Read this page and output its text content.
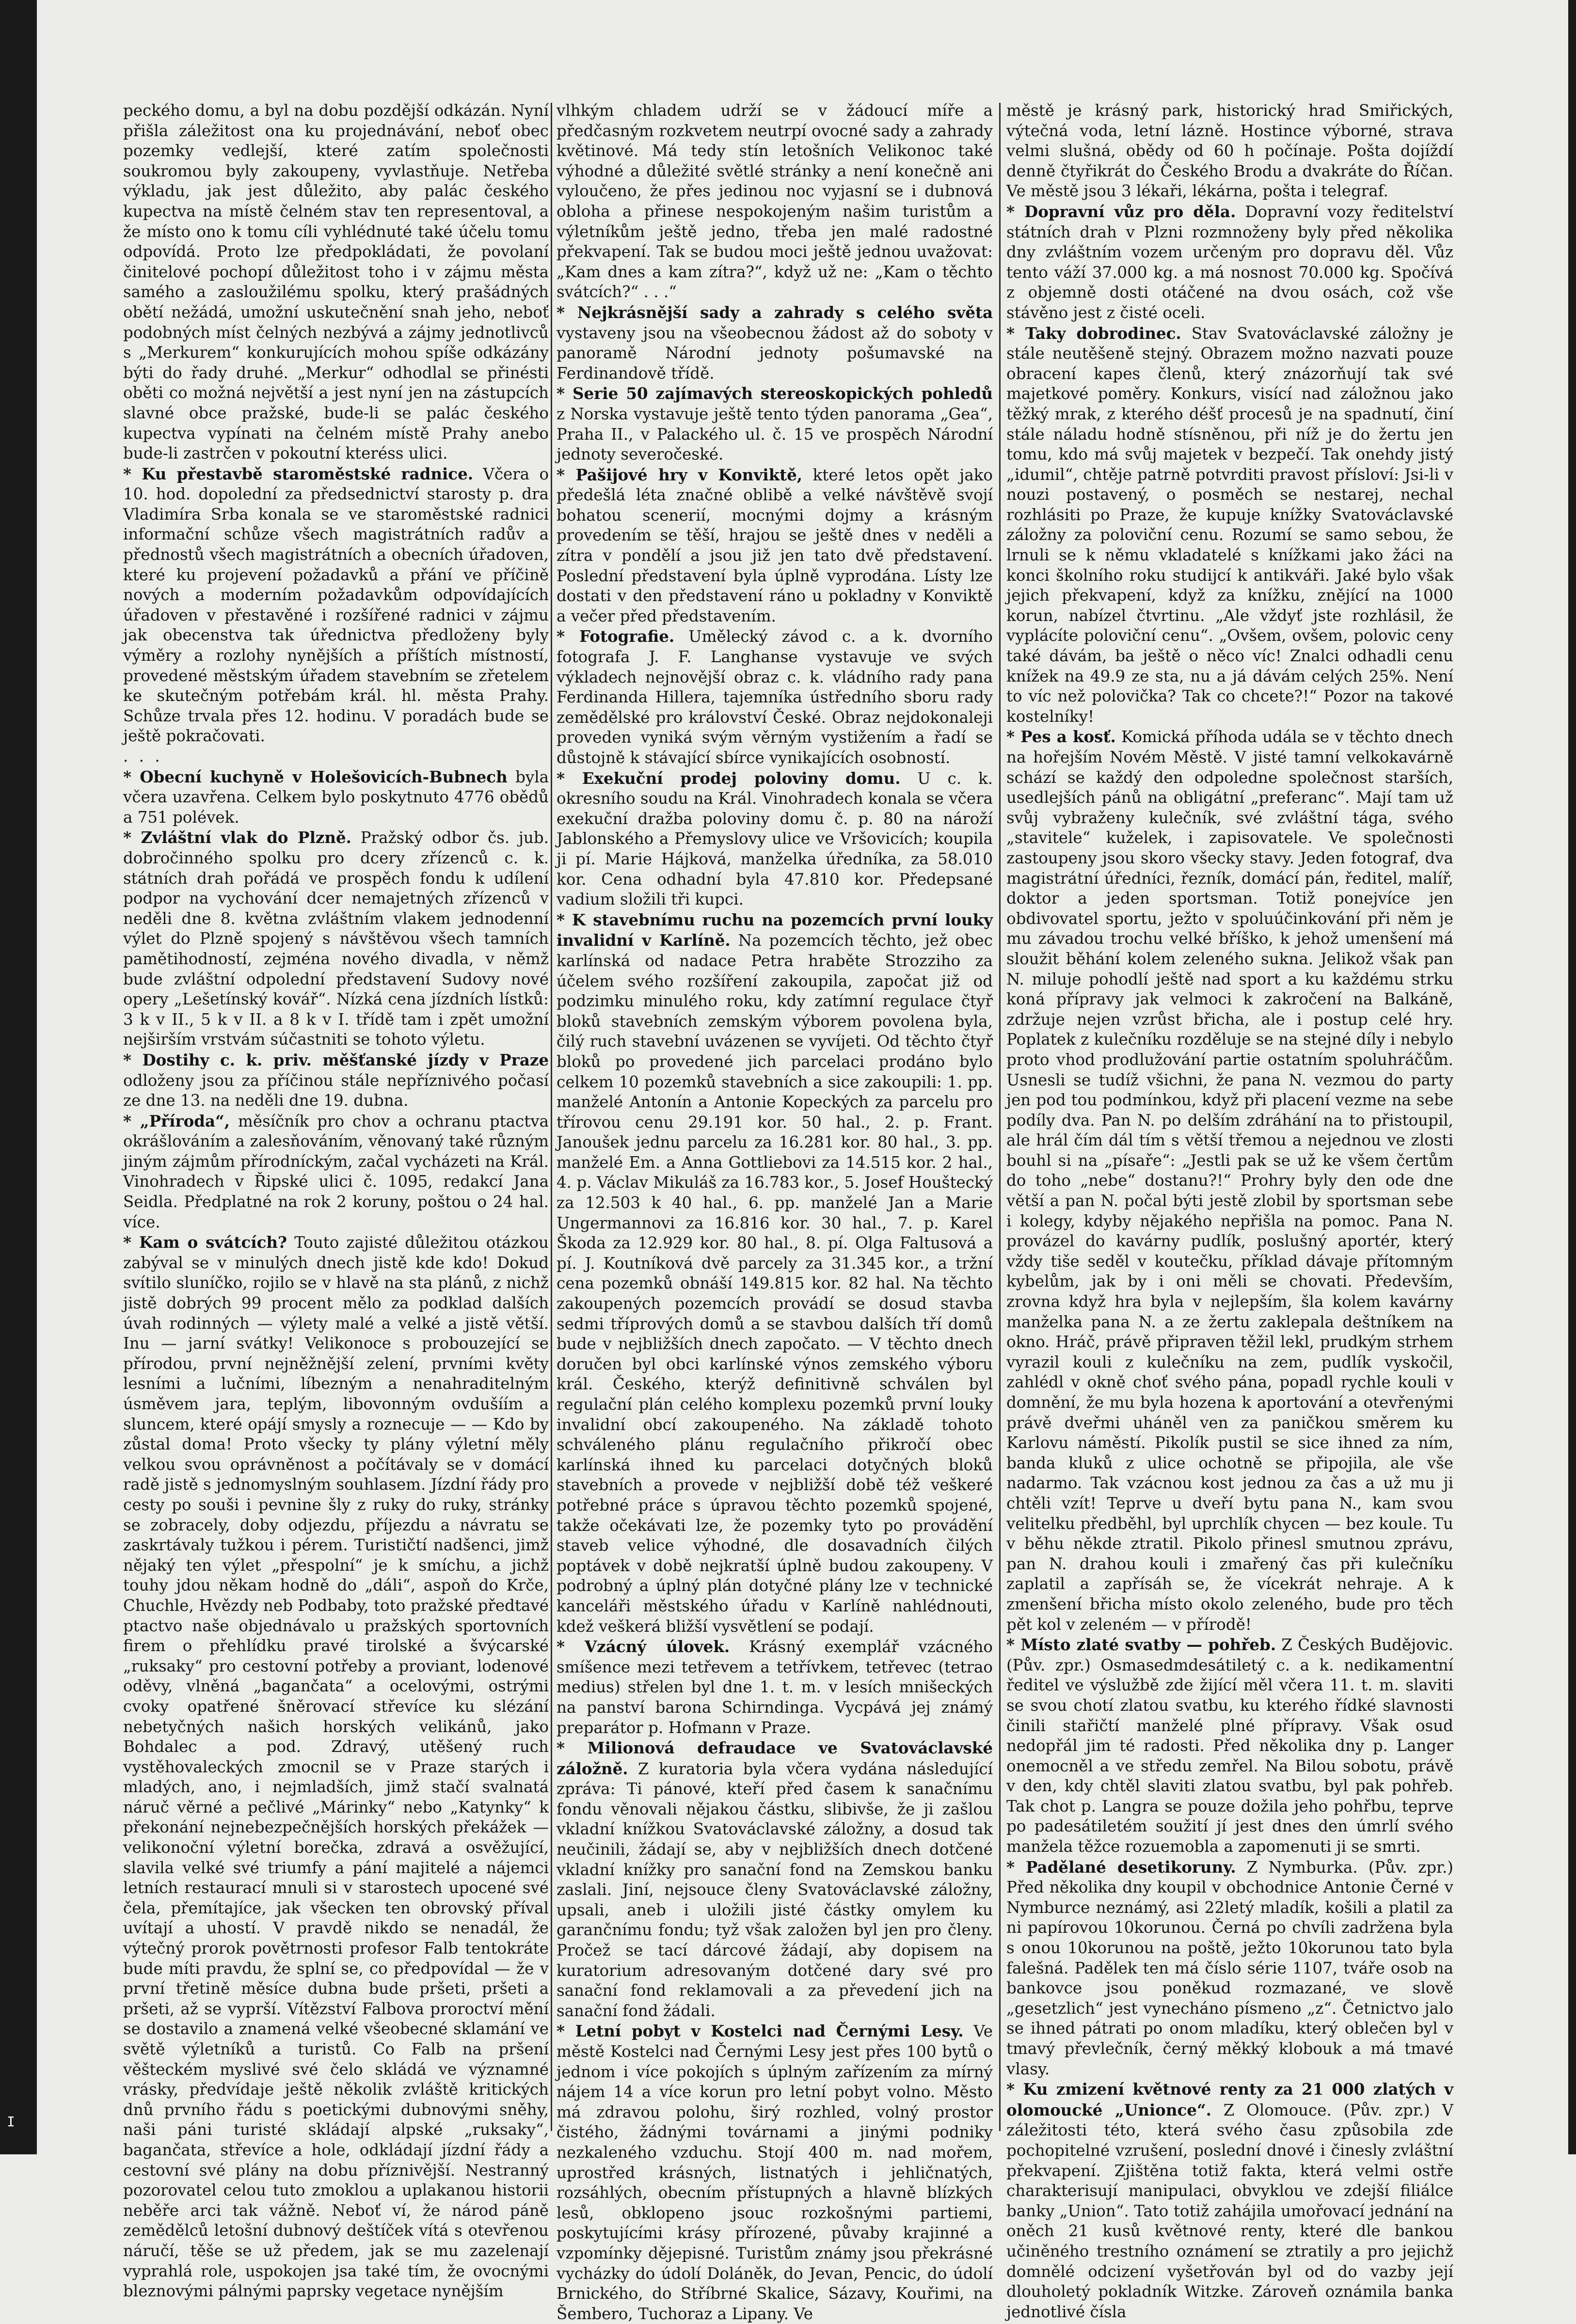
I

peckého domu, a byl na dobu pozdější odkázán. Nyní přišla záležitost ona ku projednávání, neboť obec pozemky vedlejší, které zatím společnosti soukromou byly zakoupeny, vyvlastňuje. Netřeba výkladu, jak jest důležito, aby palác českého kupectva na místě čelném stav ten representoval, a že místo ono k tomu cíli vyhlédnuté také účelu tomu odpovídá. Proto lze předpokládati, že povolaní činitelové pochopí důležitost toho i v zájmu města samého a zasloužilému spolku, který prašádných obětí nežádá, umožní uskutečnění snah jeho, neboť podobných míst čelných nezbývá a zájmy jednotlivců s „Merkurem“ konkurujících mohou spíše odkázány býti do řady druhé. „Merkur“ odhodlal se přinésti oběti co možná největší a jest nyní jen na zástupcích slavné obce pražské, bude-li se palác českého kupectva vypínati na čelném místě Prahy anebo bude-li zastrčen v pokoutní kteréss ulici.

* Ku přestavbě staroměstské radnice. Včera o 10. hod. dopolední za předsednictví starosty p. dra Vladimíra Srba konala se ve staroměstské radnici informační schůze všech magistrátních radův a přednostů všech magistrátních a obecních úřadoven, které ku projevení požadavků a přání ve příčině nových a moderním požadavkům odpovídajících úřadoven v přestavěné i rozšířené radnici v zájmu jak obecenstva tak úřednictva předloženy byly výměry a rozlohy nynějších a příštích místností, provedené městským úřadem stavebním se zřetelem ke skutečným potřebám král. hl. města Prahy. Schůze trvala přes 12. hodinu. V poradách bude se ještě pokračovati.

. . .

* Obecní kuchyně v Holešovicích-Bubnech byla včera uzavřena. Celkem bylo poskytnuto 4776 obědů a 751 polévek.

* Zvláštní vlak do Plzně. Pražský odbor čs. jub. dobročinného spolku pro dcery zřízenců c. k. státních drah pořádá ve prospěch fondu k udílení podpor na vychování dcer nemajetných zřízenců v neděli dne 8. května zvláštním vlakem jednodenní výlet do Plzně spojený s návštěvou všech tamních pamětihodností, zejména nového divadla, v němž bude zvláštní odpolední představení Sudovy nové opery „Lešetínský kovář“. Nízká cena jízdních lístků: 3 k v II., 5 k v II. a 8 k v I. třídě tam i zpět umožní nejširším vrstvám súčastniti se tohoto výletu.

* Dostihy c. k. priv. měšťanské jízdy v Praze odloženy jsou za příčinou stále nepříznivého počasí ze dne 13. na neděli dne 19. dubna.

* „Příroda“, měsíčník pro chov a ochranu ptactva okrášlováním a zalesňováním, věnovaný také různým jiným zájmům přírodníckým, začal vycházeti na Král. Vinohradech v Řipské ulici č. 1095, redakcí Jana Seidla. Předplatné na rok 2 koruny, poštou o 24 hal. více.

* Kam o svátcích? Touto zajisté důležitou otázkou zabýval se v minulých dnech jistě kde kdo! Dokud svítilo sluníčko, rojilo se v hlavě na sta plánů, z nichž jistě dobrých 99 procent mělo za podklad dalších úvah rodinných — výlety malé a velké a jistě větší. Inu — jarní svátky! Velikonoce s probouzející se přírodou, první nejněžnější zelení, prvními květy lesními a lučními, líbezným a nenahraditelným úsměvem jara, teplým, libovonným ovdušíím a sluncem, které opájí smysly a roznecuje — — Kdo by zůstal doma! Proto všecky ty plány výletní měly velkou svou oprávněnost a počítávaly se v domácí radě jistě s jednomyslným souhlasem. Jízdní řády pro cesty po souši i pevnine šly z ruky do ruky, stránky se zobracely, doby odjezdu, příjezdu a návratu se zaskrtávaly tužkou i pérem. Turističtí nadšenci, jimž nějaký ten výlet „přespolní“ je k smíchu, a jichž touhy jdou někam hodně do „dáli“, aspoň do Krče, Chuchle, Hvězdy neb Podbaby, toto pražské předtavé ptactvo naše objednávalo u pražských sportovních firem o přehlídku pravé tirolské a švýcarské „ruksaky“ pro cestovní potřeby a proviant, lodenové oděvy, vlněná „bagančata“ a ocelovými, ostrými cvoky opatřené šněrovací střevíce ku slézání nebetyčných našich horských velikánů, jako Bohdalec a pod. Zdravý, utěšený ruch vystěhovaleckých zmocnil se v Praze starých i mladých, ano, i nejmladších, jimž stačí svalnatá náruč věrné a pečlivé „Márinky“ nebo „Katynky“ k překonání nejnebezpečnějších horských překážek — velikonoční výletní borečka, zdravá a osvěžující, slavila velké své triumfy a pání majitelé a nájemci letních restaurací mnuli si v starostech upocené své čela, přemítajíce, jak všecken ten obrovský příval uvítají a uhostí. V pravdě nikdo se nenadál, že výtečný prorok povětrnosti profesor Falb tentokráte bude míti pravdu, že splní se, co předpovídal — že v první třetině měsíce dubna bude pršeti, pršeti a pršeti, až se vyprší. Vítězství Falbova proroctví mění se dostavilo a znamená velké všeobecné sklamání ve světě výletníků a turistů. Co Falb na pršení věšteckém myslivé své čelo skládá ve významné vrásky, předvídaje ještě několik zvláště kritických dnů prvního řádu s poetickými dubnovými sněhy, naši páni turisté skládají alpské „ruksaky“, bagančata, střevíce a hole, odkládají jízdní řády a cestovní své plány na dobu příznivější. Nestranný pozorovatel celou tuto zmoklou a uplakanou historii neběře arci tak vážně. Neboť ví, že národ páně zemědělců letošní dubnový deštíček vítá s otevřenou náručí, těše se už předem, jak se mu zazelenají vyprahlá role, uspokojen jsa také tím, že ovocnými bleznovými pálnými paprsky vegetace nynějším

vlhkým chladem udrží se v žádoucí míře a předčasným rozkvetem neutrpí ovocné sady a zahrady květinové. Má tedy stín letošních Velikonoc také výhodné a důležité světlé stránky a není konečně ani vyloučeno, že přes jedinou noc vyjasní se i dubnová obloha a přinese nespokojeným našim turistům a výletníkům ještě jedno, třeba jen malé radostné překvapení. Tak se budou moci ještě jednou uvažovat: „Kam dnes a kam zítra?“, když už ne: „Kam o těchto svátcích?“ . . .“

* Nejkrásnější sady a zahrady s celého světa vystaveny jsou na všeobecnou žádost až do soboty v panoramě Národní jednoty pošumavské na Ferdinandově třídě.

* Serie 50 zajímavých stereoskopických pohledů z Norska vystavuje ještě tento týden panorama „Gea“, Praha II., v Palackého ul. č. 15 ve prospěch Národní jednoty severočeské.

* Pašijové hry v Konviktě, které letos opět jako předešlá léta značné oblibě a velké návštěvě svojí bohatou scenerií, mocnými dojmy a krásným provedením se těší, hrajou se ještě dnes v neděli a zítra v pondělí a jsou již jen tato dvě představení. Poslední představení byla úplně vyprodána. Lísty lze dostati v den představení ráno u pokladny v Konviktě a večer před představením.

* Fotografie. Umělecký závod c. a k. dvorního fotografa J. F. Langhanse vystavuje ve svých výkladech nejnovější obraz c. k. vládního rady pana Ferdinanda Hillera, tajemníka ústředního sboru rady zemědělské pro království České. Obraz nejdokonaleji proveden vyniká svým věrným vystižením a řadí se důstojně k stávající sbírce vynikajících osobností.

* Exekuční prodej poloviny domu. U c. k. okresního soudu na Král. Vinohradech konala se včera exekuční dražba poloviny domu č. p. 80 na nároží Jablonského a Přemyslovy ulice ve Vršovicích; koupila ji pí. Marie Hájková, manželka úředníka, za 58.010 kor. Cena odhadní byla 47.810 kor. Předepsané vadium složili tři kupci.

* K stavebnímu ruchu na pozemcích první louky invalidní v Karlíně. Na pozemcích těchto, jež obec karlínská od nadace Petra hraběte Strozziho za účelem svého rozšíření zakoupila, započat již od podzimku minulého roku, kdy zatímní regulace čtyř bloků stavebních zemským výborem povolena byla, čilý ruch stavební uvázenen se vyvíjeti. Od těchto čtyř bloků po provedené jich parcelaci prodáno bylo celkem 10 pozemků stavebních a sice zakoupili: 1. pp. manželé Antonín a Antonie Kopeckých za parcelu pro třírovou cenu 29.191 kor. 50 hal., 2. p. Frant. Janoušek jednu parcelu za 16.281 kor. 80 hal., 3. pp. manželé Em. a Anna Gottliebovi za 14.515 kor. 2 hal., 4. p. Václav Mikuláš za 16.783 kor., 5. Josef Houštecký za 12.503 k 40 hal., 6. pp. manželé Jan a Marie Ungermannovi za 16.816 kor. 30 hal., 7. p. Karel Škoda za 12.929 kor. 80 hal., 8. pí. Olga Faltusová a pí. J. Koutníková dvě parcely za 31.345 kor., a tržní cena pozemků obnáší 149.815 kor. 82 hal. Na těchto zakoupených pozemcích provádí se dosud stavba sedmi tříprových domů a se stavbou dalších tří domů bude v nejbližších dnech započato. — V těchto dnech doručen byl obci karlínské výnos zemského výboru král. Českého, kterýž definitivně schválen byl regulační plán celého komplexu pozemků první louky invalidní obcí zakoupeného. Na základě tohoto schváleného plánu regulačního přikročí obec karlínská ihned ku parcelaci dotyčných bloků stavebních a provede v nejbližší době též veškeré potřebné práce s úpravou těchto pozemků spojené, takže očekávati lze, že pozemky tyto po provádění staveb velice výhodné, dle dosavadních čilých poptávek v době nejkratší úplně budou zakoupeny. V podrobný a úplný plán dotyčné plány lze v technické kanceláři městského úřadu v Karlíně nahlédnouti, kdež veškerá bližší vysvětlení se podají.

* Vzácný úlovek. Krásný exemplář vzácného smíšence mezi tetřevem a tetřívkem, tetřevec (tetrao medius) střelen byl dne 1. t. m. v lesích mnišeckých na panství barona Schirndinga. Vycpává jej známý preparátor p. Hofmann v Praze.

* Milionová defraudace ve Svatováclavské záložně. Z kuratoria byla včera vydána následující zpráva: Ti pánové, kteří před časem k sanačnímu fondu věnovali nějakou částku, slibivše, že ji zašlou vkladní knížkou Svatováclavské záložny, a dosud tak neučinili, žádají se, aby v nejbližších dnech dotčené vkladní knížky pro sanační fond na Zemskou banku zaslali. Jiní, nejsouce členy Svatováclavské záložny, upsali, aneb i uložili jisté částky omylem ku garančnímu fondu; tyž však založen byl jen pro členy. Pročež se tací dárcové žádají, aby dopisem na kuratorium adresovaným dotčené dary své pro sanační fond reklamovali a za převedení jich na sanační fond žádali.

* Letní pobyt v Kostelci nad Černými Lesy. Ve městě Kostelci nad Černými Lesy jest přes 100 bytů o jednom i více pokojích s úplným zařízením za mírný nájem 14 a více korun pro letní pobyt volno. Město má zdravou polohu, širý rozhled, volný prostor čistého, žádnými továrnami a jinými podniky nezkaleného vzduchu. Stojí 400 m. nad mořem, uprostřed krásných, listnatých i jehličnatých, rozsáhlých, obecním přístupných a hlavně blízkých lesů, obklopeno jsouc rozkošnými partiemi, poskytujícími krásy přírozené, půvaby krajinné a vzpomínky dějepisné. Turistům známy jsou překrásné vycházky do údolí Doláněk, do Jevan, Pencic, do údolí Brnického, do Stříbrné Skalice, Sázavy, Kouřimi, na Šembero, Tuchoraz a Lipany. Ve

městě je krásný park, historický hrad Smiřických, výtečná voda, letní lázně. Hostince výborné, strava velmi slušná, obědy od 60 h počínaje. Pošta dojíždí denně čtyřikrát do Českého Brodu a dvakráte do Říčan. Ve městě jsou 3 lékaři, lékárna, pošta i telegraf.

* Dopravní vůz pro děla. Dopravní vozy ředitelství státních drah v Plzni rozmnoženy byly před několika dny zvláštním vozem určeným pro dopravu děl. Vůz tento váží 37.000 kg. a má nosnost 70.000 kg. Spočívá z objemně dosti otáčené na dvou osách, což vše stávěno jest z čisté oceli.

* Taky dobrodinec. Stav Svatováclavské záložny je stále neutěšeně stejný. Obrazem možno nazvati pouze obracení kapes členů, který znázorňují tak své majetkové poměry. Konkurs, visící nad záložnou jako těžký mrak, z kterého déšť procesů je na spadnutí, činí stále náladu hodně stísněnou, při níž je do žertu jen tomu, kdo má svůj majetek v bezpečí. Tak onehdy jistý „idumil“, chtěje patrně potvrditi pravost přísloví: Jsi-li v nouzi postavený, o posměch se nestarej, nechal rozhlásiti po Praze, že kupuje knížky Svatováclavské záložny za poloviční cenu. Rozumí se samo sebou, že lrnuli se k němu vkladatelé s knížkami jako žáci na konci školního roku studijcí k antikváři. Jaké bylo však jejich překvapení, když za knížku, znějící na 1000 korun, nabízel čtvrtinu. „Ale vždyť jste rozhlásil, že vyplácíte poloviční cenu“. „Ovšem, ovšem, polovic ceny také dávám, ba ještě o něco víc! Znalci odhadli cenu knížek na 49.9 ze sta, nu a já dávám celých 25%. Není to víc než polovička? Tak co chcete?!“ Pozor na takové kostelníky!

* Pes a kosť. Komická příhoda udála se v těchto dnech na hořejším Novém Městě. V jisté tamní velkokavárně schází se každý den odpoledne společnost starších, usedlejších pánů na obligátní „preferanc“. Mají tam už svůj vybraženy kulečník, své zvláštní tága, svého „stavitele“ kuželek, i zapisovatele. Ve společnosti zastoupeny jsou skoro všecky stavy. Jeden fotograf, dva magistrátní úředníci, řezník, domácí pán, ředitel, malíř, doktor a jeden sportsman. Totiž ponejvíce jen obdivovatel sportu, ježto v spoluúčinkování při něm je mu závadou trochu velké bříško, k jehož umenšení má sloužit běhání kolem zeleného sukna. Jelikož však pan N. miluje pohodlí ještě nad sport a ku každému strku koná přípravy jak velmoci k zakročení na Balkáně, zdržuje nejen vzrůst břicha, ale i postup celé hry. Poplatek z kulečníku rozděluje se na stejné díly i nebylo proto vhod prodlužování partie ostatním spoluhráčům. Usnesli se tudíž všichni, že pana N. vezmou do party jen pod tou podmínkou, když při placení vezme na sebe podíly dva. Pan N. po delším zdráhání na to přistoupil, ale hrál čím dál tím s větší třemou a nejednou ve zlosti bouhl si na „písaře“: „Jestli pak se už ke všem čertům do toho „nebe“ dostanu?!“ Prohry byly den ode dne větší a pan N. počal býti jestě zlobil by sportsman sebe i kolegy, kdyby nějakého nepřišla na pomoc. Pana N. provázel do kavárny pudlík, poslušný aportér, který vždy tiše seděl v koutečku, příklad dávaje přítomným kybelům, jak by i oni měli se chovati. Především, zrovna když hra byla v nejlepším, šla kolem kavárny manželka pana N. a ze žertu zaklepala deštníkem na okno. Hráč, právě připraven těžil lekl, prudkým strhem vyrazil kouli z kulečníku na zem, pudlík vyskočil, zahlédl v okně choť svého pána, popadl rychle kouli v domnění, že mu byla hozena k aportování a otevřenými právě dveřmi uháněl ven za paničkou směrem ku Karlovu náměstí. Pikolík pustil se sice ihned za ním, banda kluků z ulice ochotně se připojila, ale vše nadarmo. Tak vzácnou kost jednou za čas a už mu ji chtěli vzít! Teprve u dveří bytu pana N., kam svou velitelku předběhl, byl uprchlík chycen — bez koule. Tu v běhu někde ztratil. Pikolo přinesl smutnou zprávu, pan N. drahou kouli i zmařený čas při kulečníku zaplatil a zapřísáh se, že vícekrát nehraje. A k zmenšení břicha místo okolo zeleného, bude pro těch pět kol v zeleném — v přírodě!

* Místo zlaté svatby — pohřeb. Z Českých Budějovic. (Pův. zpr.) Osmasedmdesátiletý c. a k. nedikamentní ředitel ve výslužbě zde žijící měl včera 11. t. m. slaviti se svou chotí zlatou svatbu, ku kterého řídké slavnosti činili stařičtí manželé plné přípravy. Však osud nedopřál jim té radosti. Před několika dny p. Langer onemocněl a ve středu zemřel. Na Bilou sobotu, právě v den, kdy chtěl slaviti zlatou svatbu, byl pak pohřeb. Tak chot p. Langra se pouze dožila jeho pohřbu, teprve po padesátiletém soužití jí jest dnes den úmrlí svého manžela těžce rozuemobla a zapomenuti ji se smrti.

* Padělané desetikoruny. Z Nymburka. (Pův. zpr.) Před několika dny koupil v obchodnice Antonie Černé v Nymburce neznámý, asi 22letý mladík, košili a platil za ni papírovou 10korunou. Černá po chvíli zadržena byla s onou 10korunou na poště, ježto 10korunou tato byla falešná. Padělek ten má číslo série 1107, tváře osob na bankovce jsou poněkud rozmazané, ve slově „gesetzlich“ jest vynecháno písmeno „z“. Četnictvo jalo se ihned pátrati po onom mladíku, který oblečen byl v tmavý převlečník, černý měkký klobouk a má tmavé vlasy.

* Ku zmizení květnové renty za 21 000 zlatých v olomoucké „Unionce“. Z Olomouce. (Pův. zpr.) V záležitosti této, která svého času způsobila zde pochopitelné vzrušení, poslední dnové i činesly zvláštní překvapení. Zjištěna totiž fakta, která velmi ostře charakterisují manipulaci, obvyklou ve zdejší filiálce banky „Union“. Tato totiž zahájila umořovací jednání na oněch 21 kusů květnové renty, které dle bankou učiněného trestního oznámení se ztratily a pro jejichž domnělé odcizení vyšetřován byl od do vazby její dlouholetý pokladník Witzke. Zároveň oznámila banka jednotlivé čísla
